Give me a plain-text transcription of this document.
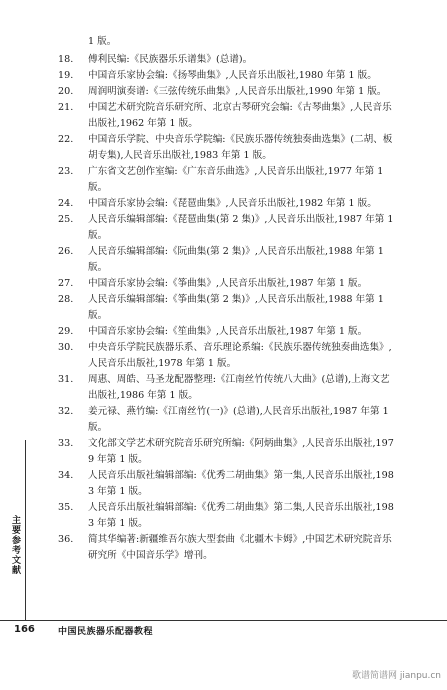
1 版。
18.	傅利民编:《民族器乐乐谱集》(总谱)。
19.	中国音乐家协会编:《扬琴曲集》,人民音乐出版社,1980 年第 1 版。
20.	周润明演奏谱:《三弦传统乐曲集》,人民音乐出版社,1990 年第 1 版。
21.	中国艺术研究院音乐研究所、北京古琴研究会编:《古琴曲集》,人民音乐出版社,1962 年第 1 版。
22.	中国音乐学院、中央音乐学院编:《民族乐器传统独奏曲选集》(二胡、板胡专集),人民音乐出版社,1983 年第 1 版。
23.	广东省文艺创作室编:《广东音乐曲选》,人民音乐出版社,1977 年第 1 版。
24.	中国音乐家协会编:《琵琶曲集》,人民音乐出版社,1982 年第 1 版。
25.	人民音乐编辑部编:《琵琶曲集(第 2 集)》,人民音乐出版社,1987 年第 1 版。
26.	人民音乐编辑部编:《阮曲集(第 2 集)》,人民音乐出版社,1988 年第 1 版。
27.	中国音乐家协会编:《筝曲集》,人民音乐出版社,1987 年第 1 版。
28.	人民音乐编辑部编:《筝曲集(第 2 集)》,人民音乐出版社,1988 年第 1 版。
29.	中国音乐家协会编:《笙曲集》,人民音乐出版社,1987 年第 1 版。
30.	中央音乐学院民族器乐系、音乐理论系编:《民族乐器传统独奏曲选集》,人民音乐出版社,1978 年第 1 版。
31.	周惠、周皓、马圣龙配器整理:《江南丝竹传统八大曲》(总谱),上海文艺出版社,1986 年第 1 版。
32.	姜元禄、燕竹编:《江南丝竹(一)》(总谱),人民音乐出版社,1987 年第 1 版。
33.	文化部文学艺术研究院音乐研究所编:《阿炳曲集》,人民音乐出版社,1979 年第 1 版。
34.	人民音乐出版社编辑部编:《优秀二胡曲集》第一集,人民音乐出版社,1983 年第 1 版。
35.	人民音乐出版社编辑部编:《优秀二胡曲集》第二集,人民音乐出版社,1983 年第 1 版。
36.	简其华编著:新疆维吾尔族大型套曲《北疆木卡姆》,中国艺术研究院音乐研究所《中国音乐学》增刊。
主要参考文献
166	中国民族器乐配器教程
歌谱简谱网 jianpu.cn
